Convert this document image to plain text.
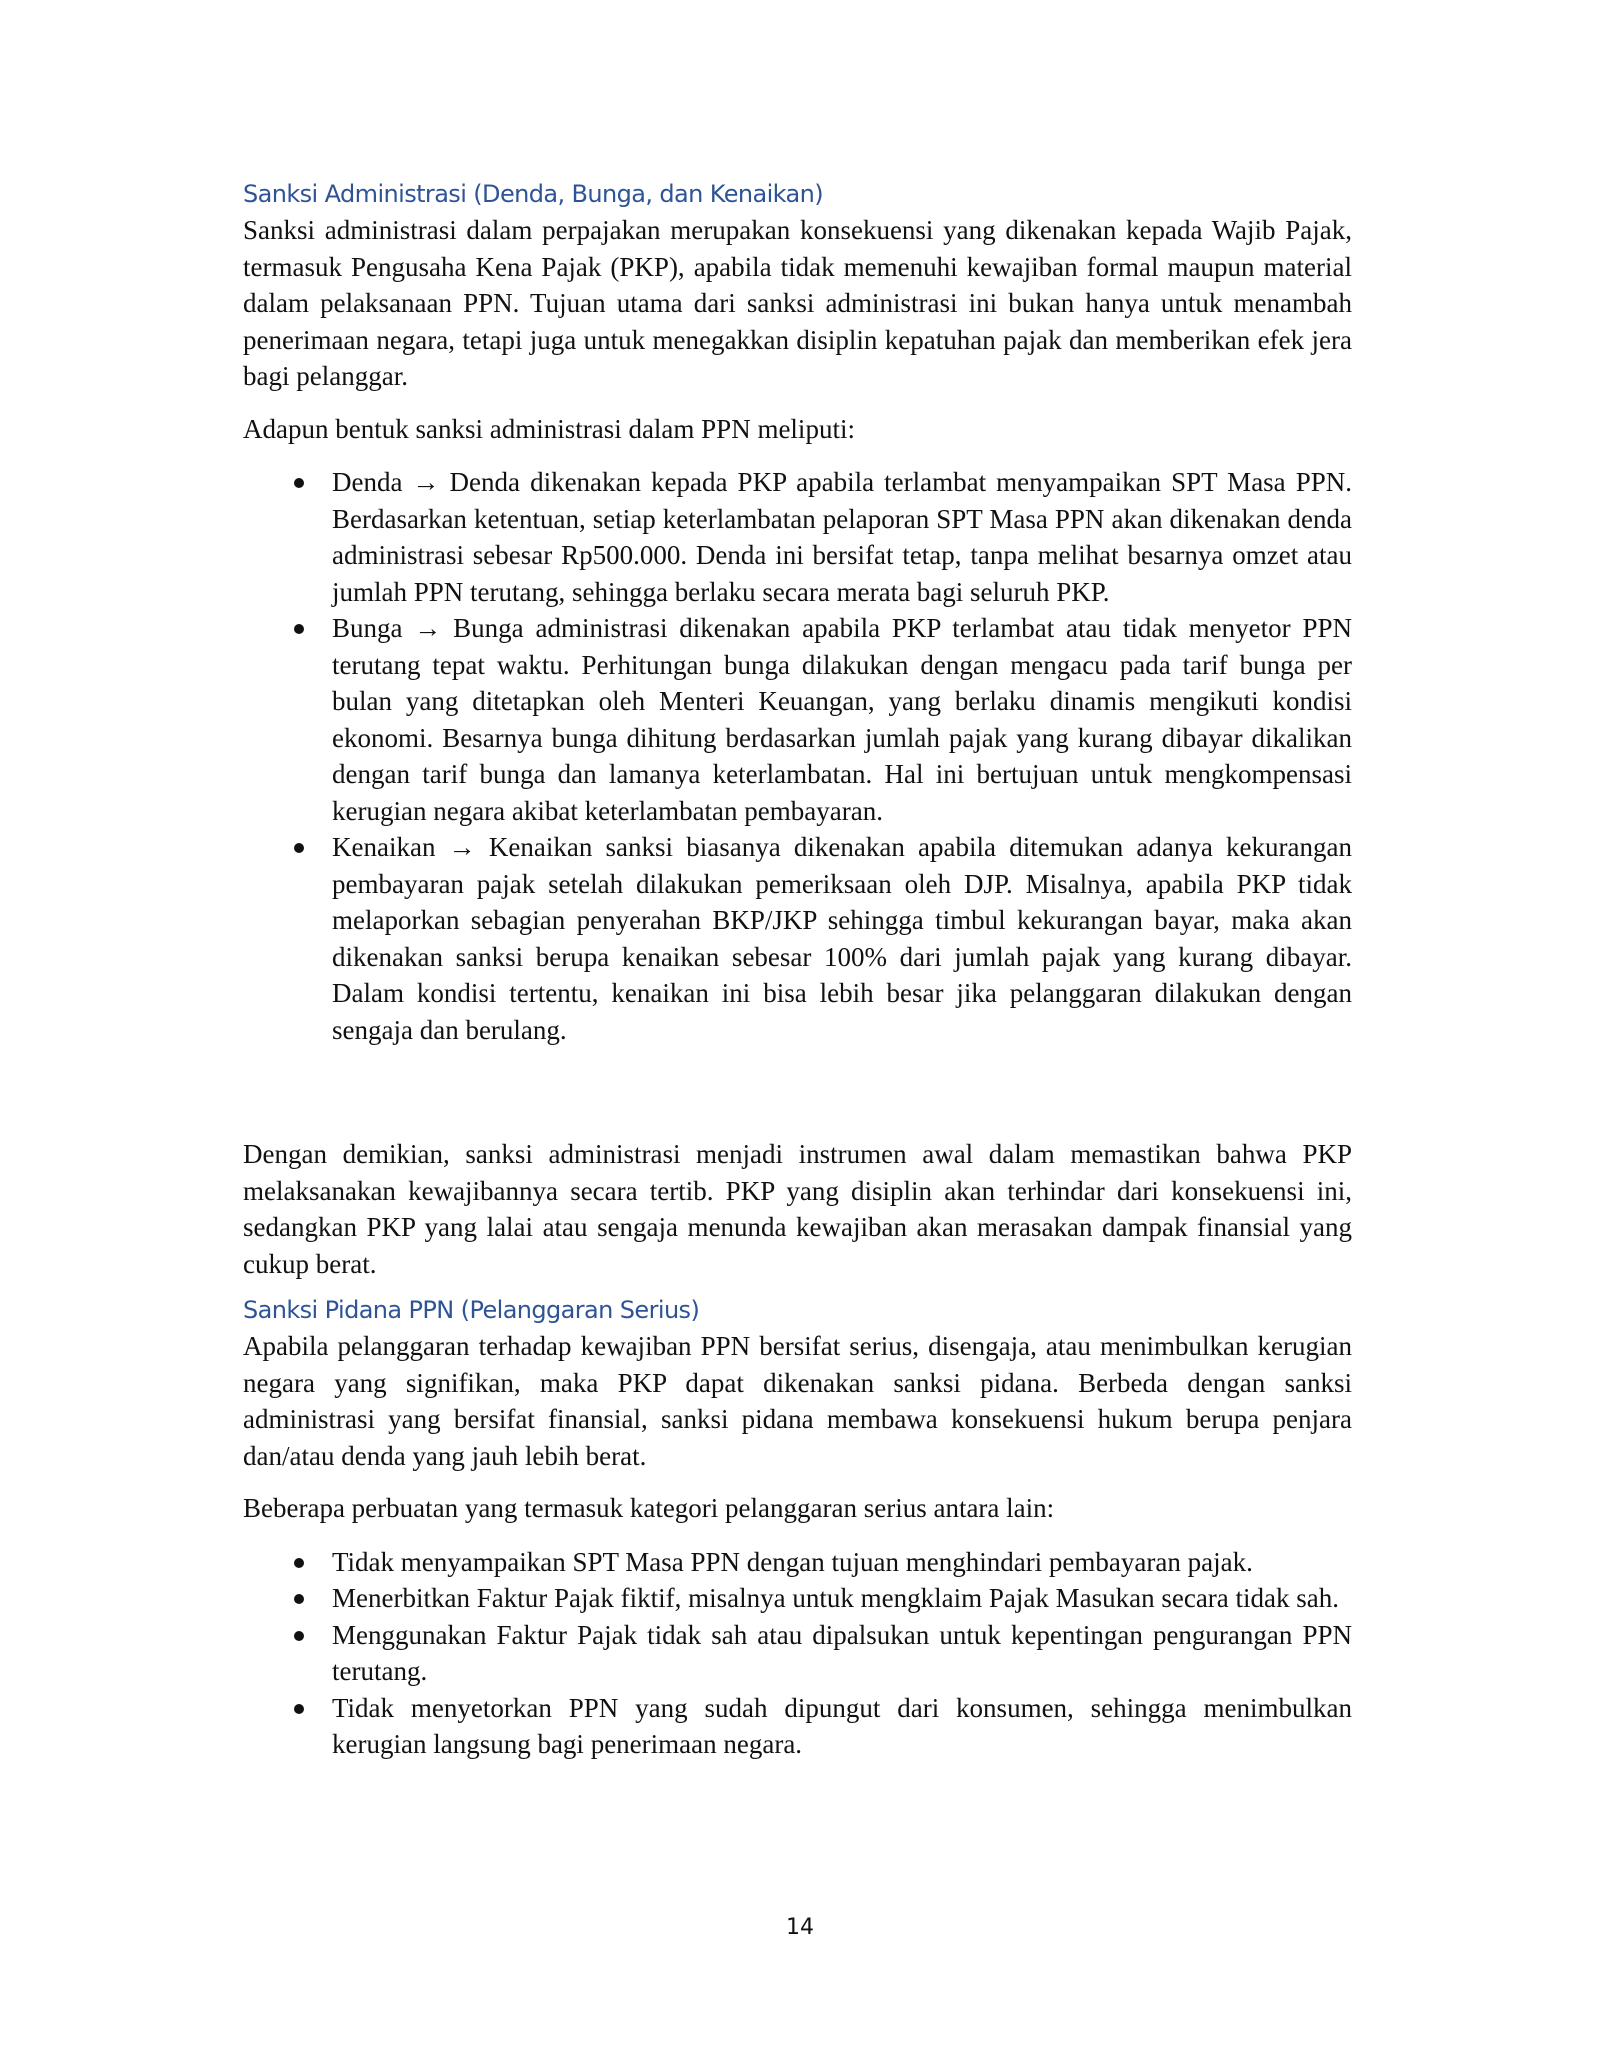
Sanksi Administrasi (Denda, Bunga, dan Kenaikan)

Sanksi administrasi dalam perpajakan merupakan konsekuensi yang dikenakan kepada Wajib Pajak, termasuk Pengusaha Kena Pajak (PKP), apabila tidak memenuhi kewajiban formal maupun material dalam pelaksanaan PPN. Tujuan utama dari sanksi administrasi ini bukan hanya untuk menambah penerimaan negara, tetapi juga untuk menegakkan disiplin kepatuhan pajak dan memberikan efek jera bagi pelanggar.

Adapun bentuk sanksi administrasi dalam PPN meliputi:

Denda → Denda dikenakan kepada PKP apabila terlambat menyampaikan SPT Masa PPN. Berdasarkan ketentuan, setiap keterlambatan pelaporan SPT Masa PPN akan dikenakan denda administrasi sebesar Rp500.000. Denda ini bersifat tetap, tanpa melihat besarnya omzet atau jumlah PPN terutang, sehingga berlaku secara merata bagi seluruh PKP.

Bunga → Bunga administrasi dikenakan apabila PKP terlambat atau tidak menyetor PPN terutang tepat waktu. Perhitungan bunga dilakukan dengan mengacu pada tarif bunga per bulan yang ditetapkan oleh Menteri Keuangan, yang berlaku dinamis mengikuti kondisi ekonomi. Besarnya bunga dihitung berdasarkan jumlah pajak yang kurang dibayar dikalikan dengan tarif bunga dan lamanya keterlambatan. Hal ini bertujuan untuk mengkompensasi kerugian negara akibat keterlambatan pembayaran.

Kenaikan → Kenaikan sanksi biasanya dikenakan apabila ditemukan adanya kekurangan pembayaran pajak setelah dilakukan pemeriksaan oleh DJP. Misalnya, apabila PKP tidak melaporkan sebagian penyerahan BKP/JKP sehingga timbul kekurangan bayar, maka akan dikenakan sanksi berupa kenaikan sebesar 100% dari jumlah pajak yang kurang dibayar. Dalam kondisi tertentu, kenaikan ini bisa lebih besar jika pelanggaran dilakukan dengan sengaja dan berulang.

Dengan demikian, sanksi administrasi menjadi instrumen awal dalam memastikan bahwa PKP melaksanakan kewajibannya secara tertib. PKP yang disiplin akan terhindar dari konsekuensi ini, sedangkan PKP yang lalai atau sengaja menunda kewajiban akan merasakan dampak finansial yang cukup berat.

Sanksi Pidana PPN (Pelanggaran Serius)

Apabila pelanggaran terhadap kewajiban PPN bersifat serius, disengaja, atau menimbulkan kerugian negara yang signifikan, maka PKP dapat dikenakan sanksi pidana. Berbeda dengan sanksi administrasi yang bersifat finansial, sanksi pidana membawa konsekuensi hukum berupa penjara dan/atau denda yang jauh lebih berat.

Beberapa perbuatan yang termasuk kategori pelanggaran serius antara lain:

Tidak menyampaikan SPT Masa PPN dengan tujuan menghindari pembayaran pajak.

Menerbitkan Faktur Pajak fiktif, misalnya untuk mengklaim Pajak Masukan secara tidak sah.

Menggunakan Faktur Pajak tidak sah atau dipalsukan untuk kepentingan pengurangan PPN terutang.

Tidak menyetorkan PPN yang sudah dipungut dari konsumen, sehingga menimbulkan kerugian langsung bagi penerimaan negara.

14
